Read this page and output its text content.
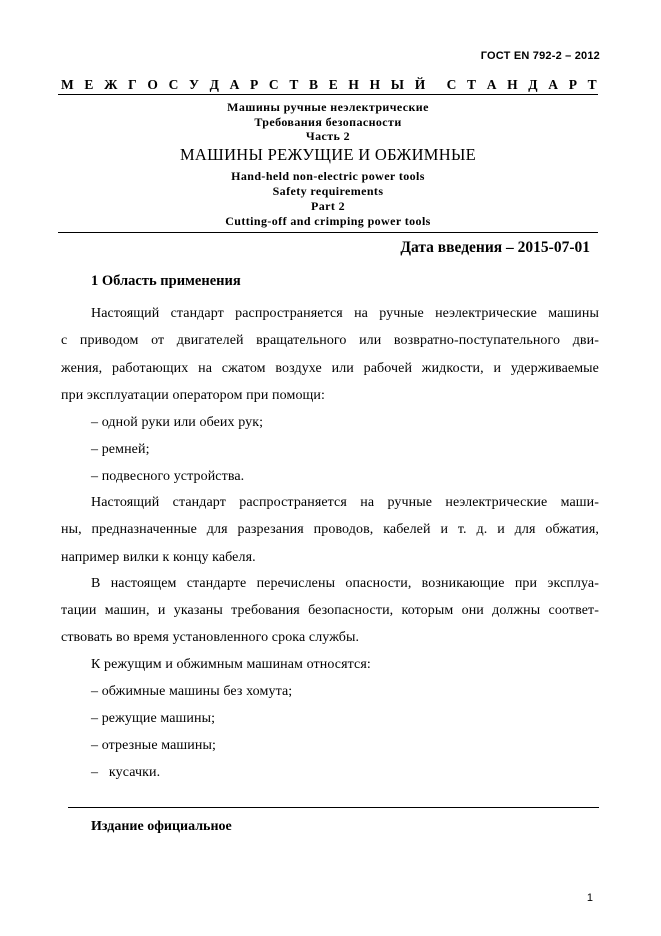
ГОСТ EN 792-2 – 2012
М Е Ж Г О С У Д А Р С Т В Е Н Н Ы Й С Т А Н Д А Р Т
Машины ручные неэлектрические
Требования безопасности
Часть 2
МАШИНЫ РЕЖУЩИЕ И ОБЖИМНЫЕ
Hand-held non-electric power tools
Safety requirements
Part 2
Cutting-off and crimping power tools
Дата введения – 2015-07-01
1 Область применения
Настоящий стандарт распространяется на ручные неэлектрические машины
с приводом от двигателей вращательного или возвратно-поступательного дви-
жения, работающих на сжатом воздухе или рабочей жидкости, и удерживаемые
при эксплуатации оператором при помощи:
– одной руки или обеих рук;
– ремней;
– подвесного устройства.
Настоящий стандарт распространяется на ручные неэлектрические маши-
ны, предназначенные для разрезания проводов, кабелей и т. д. и для обжатия,
например вилки к концу кабеля.
В настоящем стандарте перечислены опасности, возникающие при эксплуа-
тации машин, и указаны требования безопасности, которым они должны соответ-
ствовать во время установленного срока службы.
К режущим и обжимным машинам относятся:
– обжимные машины без хомута;
– режущие машины;
– отрезные машины;
–   кусачки.
Издание официальное
1
